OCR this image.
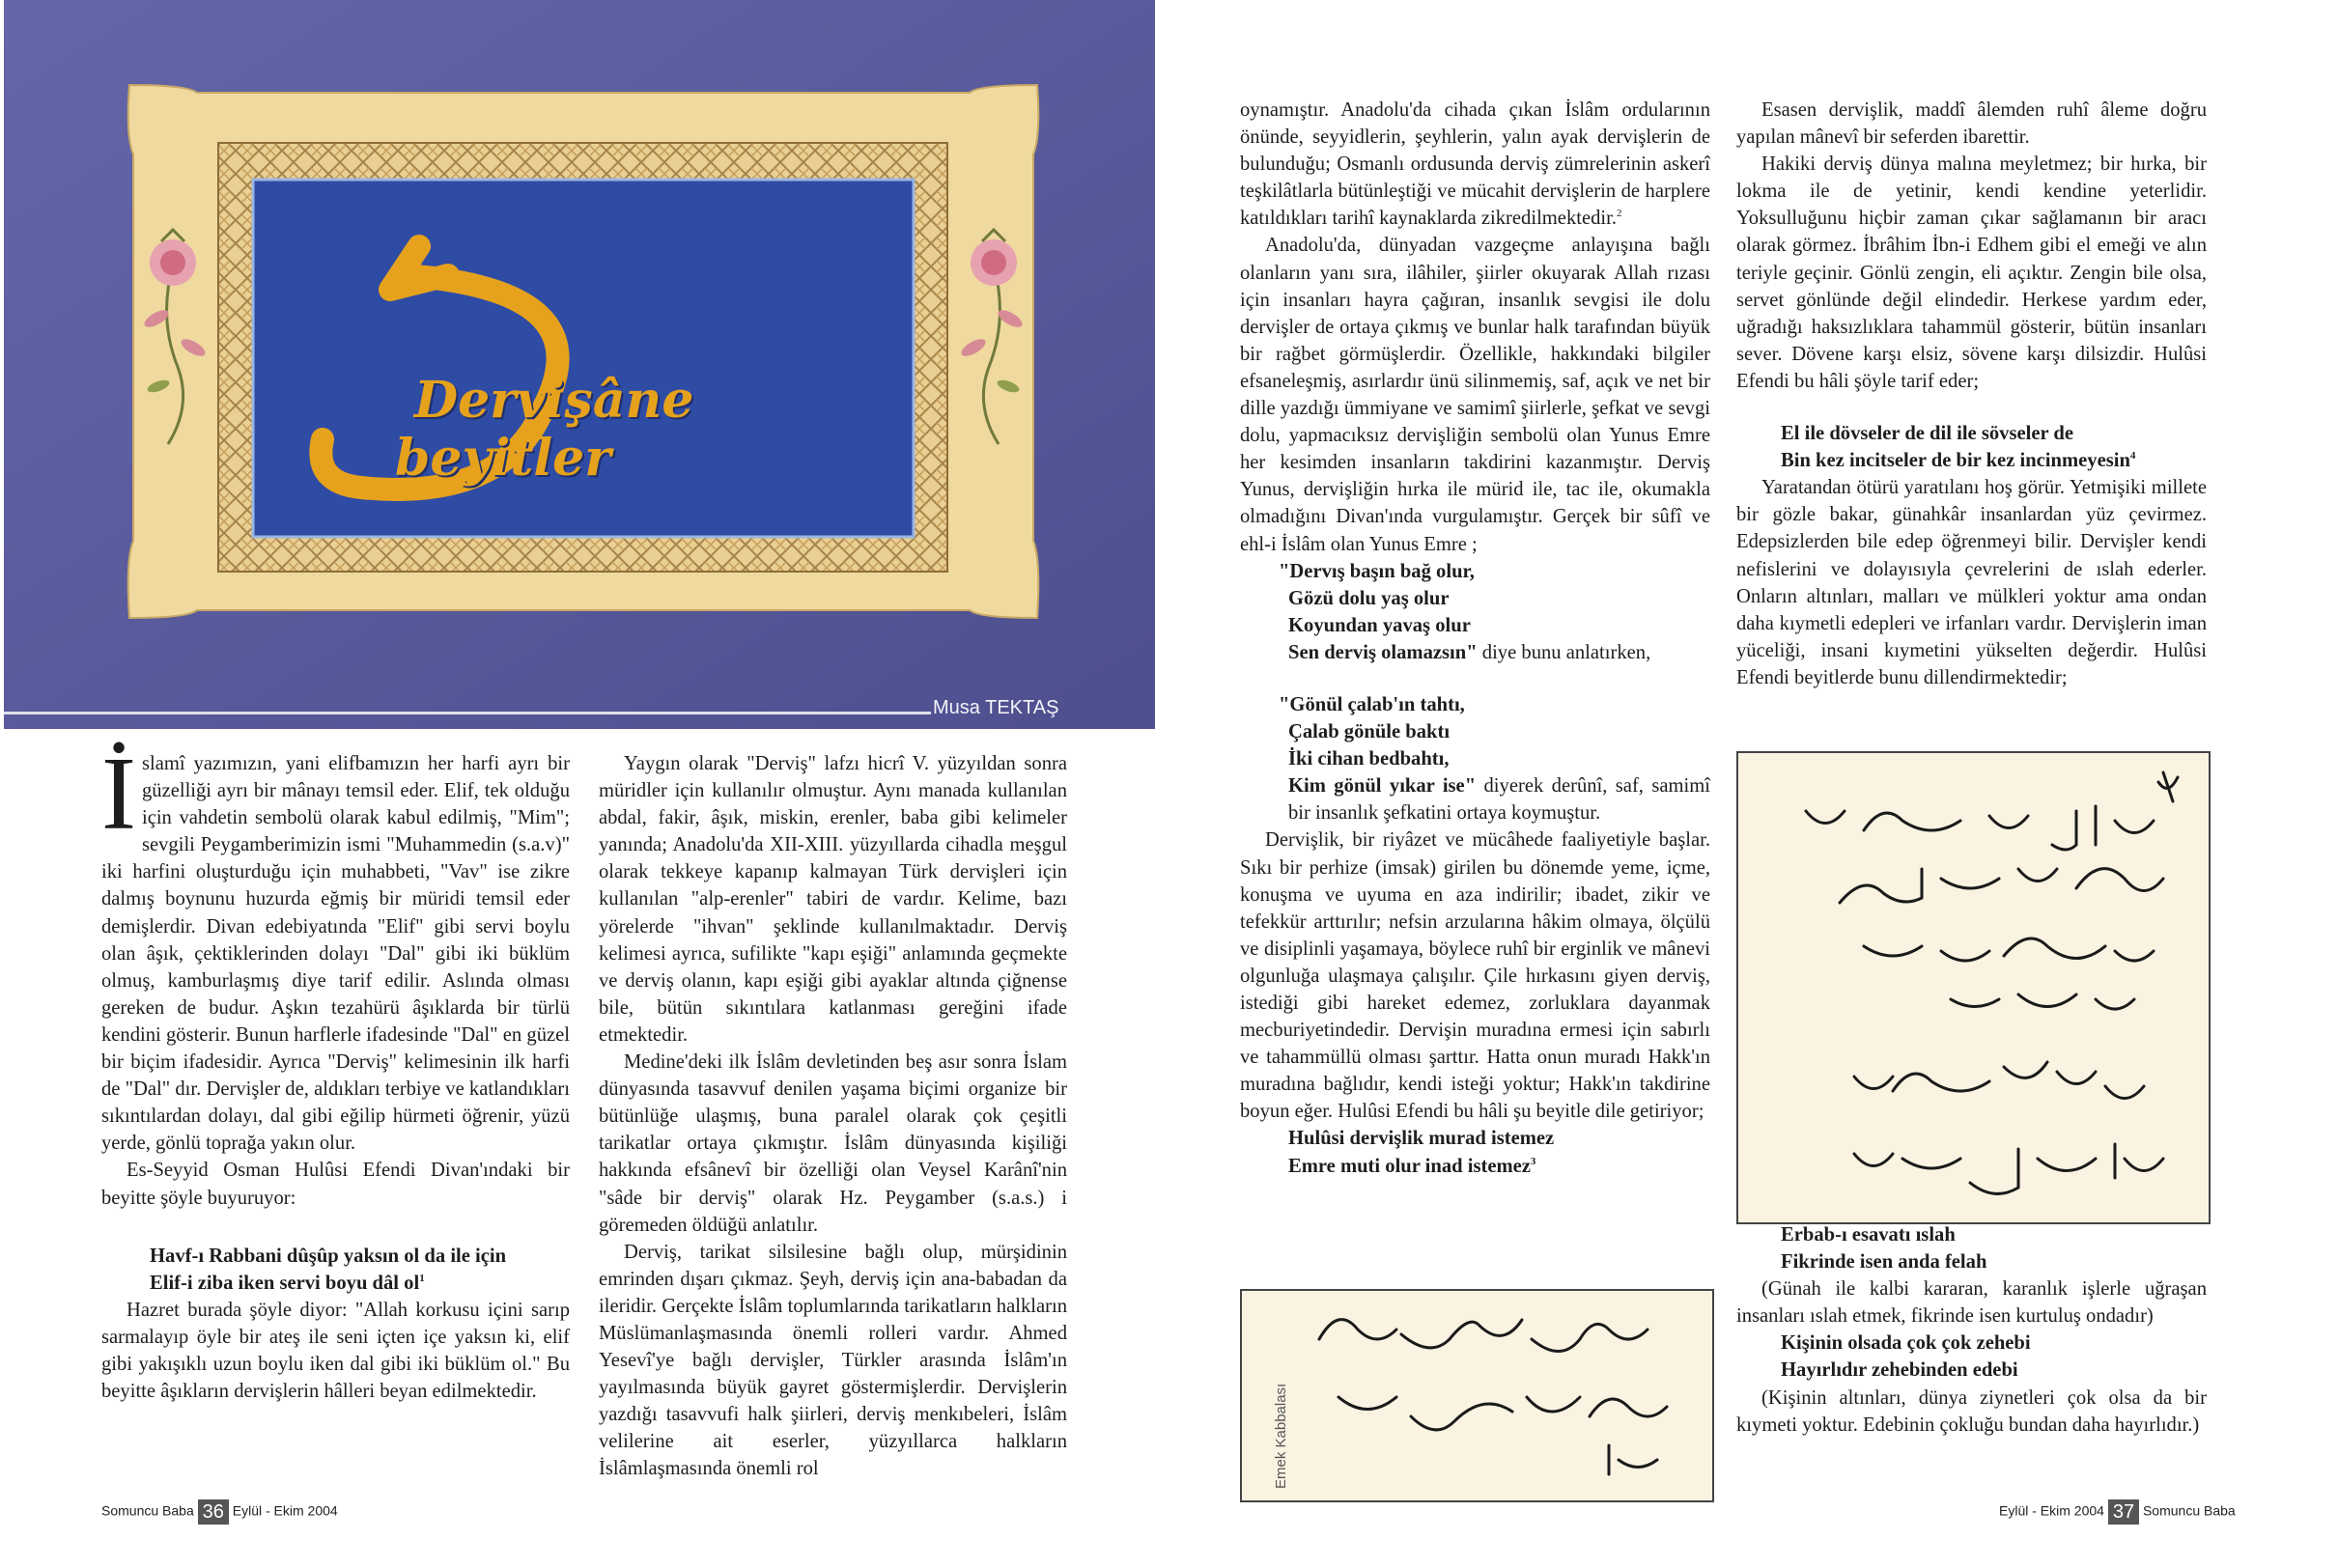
Dervişâne
beyitler
Musa TEKTAŞ

İslamî yazımızın, yani elifbamızın her harfi ayrı bir güzelliği ayrı bir mânayı temsil eder. Elif, tek olduğu için vahdetin sembolü olarak kabul edilmiş, "Mim"; sevgili Peygamberimizin ismi "Muhammedin (s.a.v)" iki harfini oluşturduğu için muhabbeti, "Vav" ise zikre dalmış boynunu huzurda eğmiş bir müridi temsil eder demişlerdir. Divan edebiyatında "Elif" gibi servi boylu olan âşık, çektiklerinden dolayı "Dal" gibi iki büklüm olmuş, kamburlaşmış diye tarif edilir. Aslında olması gereken de budur. Aşkın tezahürü âşıklarda bir türlü kendini gösterir. Bunun harflerle ifadesinde "Dal" en güzel bir biçim ifadesidir. Ayrıca "Derviş" kelimesinin ilk harfi de "Dal" dır. Dervişler de, aldıkları terbiye ve katlandıkları sıkıntılardan dolayı, dal gibi eğilip hürmeti öğrenir, yüzü yerde, gönlü toprağa yakın olur.

Es-Seyyid Osman Hulûsi Efendi Divan'ındaki bir beyitte şöyle buyuruyor:

Havf-ı Rabbani dûşûp yaksın ol da ile için
Elif-i ziba iken servi boyu dâl $ol^1$

Hazret burada şöyle diyor: "Allah korkusu içini sarıp sarmalayıp öyle bir ateş ile seni içten içe yaksın ki, elif gibi yakışıklı uzun boylu iken dal gibi iki büklüm ol." Bu beyitte âşıkların dervişlerin hâlleri beyan edilmektedir.

Yaygın olarak "Derviş" lafzı hicrî V. yüzyıldan sonra müridler için kullanılır olmuştur. Aynı manada kullanılan abdal, fakir, âşık, miskin, erenler, baba gibi kelimeler yanında; Anadolu'da XII-XIII. yüzyıllarda cihadla meşgul olarak tekkeye kapanıp kalmayan Türk dervişleri için kullanılan "alp-erenler" tabiri de vardır. Kelime, bazı yörelerde "ihvan" şeklinde kullanılmaktadır. Derviş kelimesi ayrıca, sufilikte "kapı eşiği" anlamında geçmekte ve derviş olanın, kapı eşiği gibi ayaklar altında çiğnense bile, bütün sıkıntılara katlanması gereğini ifade etmektedir.

Medine'deki ilk İslâm devletinden beş asır sonra İslam dünyasında tasavvuf denilen yaşama biçimi organize bir bütünlüğe ulaşmış, buna paralel olarak çok çeşitli tarikatlar ortaya çıkmıştır. İslâm dünyasında kişiliği hakkında efsânevî bir özelliği olan Veysel Karânî'nin "sâde bir derviş" olarak Hz. Peygamber (s.a.s.) i göremeden öldüğü anlatılır.

Derviş, tarikat silsilesine bağlı olup, mürşidinin emrinden dışarı çıkmaz. Şeyh, derviş için ana-babadan da ileridir. Gerçekte İslâm toplumlarında tarikatların halkların Müslümanlaşmasında önemli rolleri vardır. Ahmed Yesevî'ye bağlı dervişler, Türkler arasında İslâm'ın yayılmasında büyük gayret göstermişlerdir. Dervişlerin yazdığı tasavvufi halk şiirleri, derviş menkıbeleri, İslâm velilerine ait eserler, yüzyıllarca halkların İslâmlaşmasında önemli rol

oynamıştır. Anadolu'da cihada çıkan İslâm ordularının önünde, seyyidlerin, şeyhlerin, yalın ayak dervişlerin de bulunduğu; Osmanlı ordusunda derviş zümrelerinin askerî teşkilâtlarla bütünleştiği ve mücahit dervişlerin de harplere katıldıkları tarihî kaynaklarda zikredilmektedir.$^2$

Anadolu'da, dünyadan vazgeçme anlayışına bağlı olanların yanı sıra, ilâhiler, şiirler okuyarak Allah rızası için insanları hayra çağıran, insanlık sevgisi ile dolu dervişler de ortaya çıkmış ve bunlar halk tarafından büyük bir rağbet görmüşlerdir. Özellikle, hakkındaki bilgiler efsaneleşmiş, asırlardır ünü silinmemiş, saf, açık ve net bir dille yazdığı ümmiyane ve samimî şiirlerle, şefkat ve sevgi dolu, yapmacıksız dervişliğin sembolü olan Yunus Emre her kesimden insanların takdirini kazanmıştır. Derviş Yunus, dervişliğin hırka ile mürid ile, tac ile, okumakla olmadığını Divan'ında vurgulamıştır. Gerçek bir sûfî ve ehl-i İslâm olan Yunus Emre ;

"Dervış başın bağ olur,
Gözü dolu yaş olur
Koyundan yavaş olur
Sen derviş olamazsın" diye bunu anlatırken,
"Gönül çalab'ın tahtı,
Çalab gönüle baktı
İki cihan bedbahtı,

Kim gönül yıkar ise" diyerek derûnî, saf, samimî bir insanlık şefkatini ortaya koymuştur.

Dervişlik, bir riyâzet ve mücâhede faaliyetiyle başlar. Sıkı bir perhize (imsak) girilen bu dönemde yeme, içme, konuşma ve uyuma en aza indirilir; ibadet, zikir ve tefekkür arttırılır; nefsin arzularına hâkim olmaya, ölçülü ve disiplinli yaşamaya, böylece ruhî bir erginlik ve mânevi olgunluğa ulaşmaya çalışılır. Çile hırkasını giyen derviş, istediği gibi hareket edemez, zorluklara dayanmak mecburiyetindedir. Dervişin muradına ermesi için sabırlı ve tahammüllü olması şarttır. Hatta onun muradı Hakk'ın muradına bağlıdır, kendi isteği yoktur; Hakk'ın takdirine boyun eğer. Hulûsi Efendi bu hâli şu beyitle dile getiriyor;

Hulûsi dervişlik murad istemez
Emre muti olur inad istemez$^3$
Emek Kabbalası

Esasen dervişlik, maddî âlemden ruhî âleme doğru yapılan mânevî bir seferden ibarettir.

Hakiki derviş dünya malına meyletmez; bir hırka, bir lokma ile de yetinir, kendi kendine yeterlidir. Yoksulluğunu hiçbir zaman çıkar sağlamanın bir aracı olarak görmez. İbrâhim İbn-i Edhem gibi el emeği ve alın teriyle geçinir. Gönlü zengin, eli açıktır. Zengin bile olsa, servet gönlünde değil elindedir. Herkese yardım eder, uğradığı haksızlıklara tahammül gösterir, bütün insanları sever. Dövene karşı elsiz, sövene karşı dilsizdir. Hulûsi Efendi bu hâli şöyle tarif eder;

El ile dövseler de dil ile sövseler de
Bin kez incitseler de bir kez incinmeyesin$^4$

Yaratandan ötürü yaratılanı hoş görür. Yetmişiki millete bir gözle bakar, günahkâr insanlardan yüz çevirmez. Edepsizlerden bile edep öğrenmeyi bilir. Dervişler kendi nefislerini ve dolayısıyla çevrelerini de ıslah ederler. Onların altınları, malları ve mülkleri yoktur ama ondan daha kıymetli edepleri ve irfanları vardır. Dervişlerin iman yüceliği, insani kıymetini yükselten değerdir. Hulûsi Efendi beyitlerde bunu dillendirmektedir;

Erbab-ı esavatı ıslah
Fikrinde isen anda felah

(Günah ile kalbi kararan, karanlık işlerle uğraşan insanları ıslah etmek, fikrinde isen kurtuluş ondadır)

Kişinin olsada çok çok zehebi
Hayırlıdır zehebinden edebi

(Kişinin altınları, dünya ziynetleri çok olsa da bir kıymeti yoktur. Edebinin çokluğu bundan daha hayırlıdır.)

Somuncu Baba 36 Eylül - Ekim 2004	Eylül - Ekim 2004 37 Somuncu Baba
